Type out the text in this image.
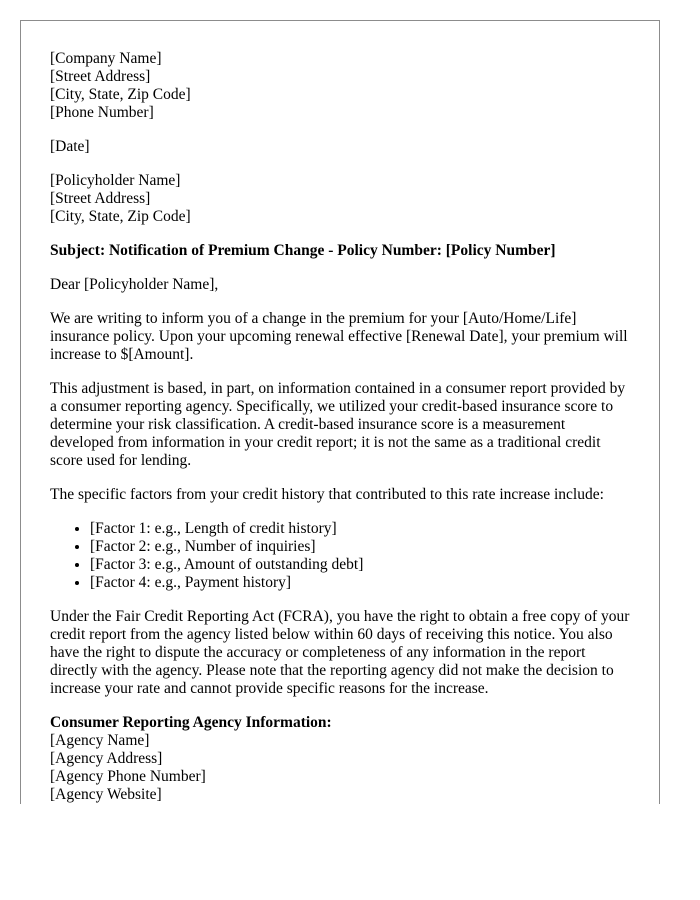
[Company Name]
[Street Address]
[City, State, Zip Code]
[Phone Number]
[Date]
[Policyholder Name]
[Street Address]
[City, State, Zip Code]
Subject: Notification of Premium Change - Policy Number: [Policy Number]

Dear [Policyholder Name],

We are writing to inform you of a change in the premium for your [Auto/Home/Life] insurance policy. Upon your upcoming renewal effective [Renewal Date], your premium will increase to $[Amount].

This adjustment is based, in part, on information contained in a consumer report provided by a consumer reporting agency. Specifically, we utilized your credit-based insurance score to determine your risk classification. A credit-based insurance score is a measurement developed from information in your credit report; it is not the same as a traditional credit score used for lending.

The specific factors from your credit history that contributed to this rate increase include:

• [Factor 1: e.g., Length of credit history]
• [Factor 2: e.g., Number of inquiries]
• [Factor 3: e.g., Amount of outstanding debt]
• [Factor 4: e.g., Payment history]

Under the Fair Credit Reporting Act (FCRA), you have the right to obtain a free copy of your credit report from the agency listed below within 60 days of receiving this notice. You also have the right to dispute the accuracy or completeness of any information in the report directly with the agency. Please note that the reporting agency did not make the decision to increase your rate and cannot provide specific reasons for the increase.

Consumer Reporting Agency Information:
[Agency Name]
[Agency Address]
[Agency Phone Number]
[Agency Website]
